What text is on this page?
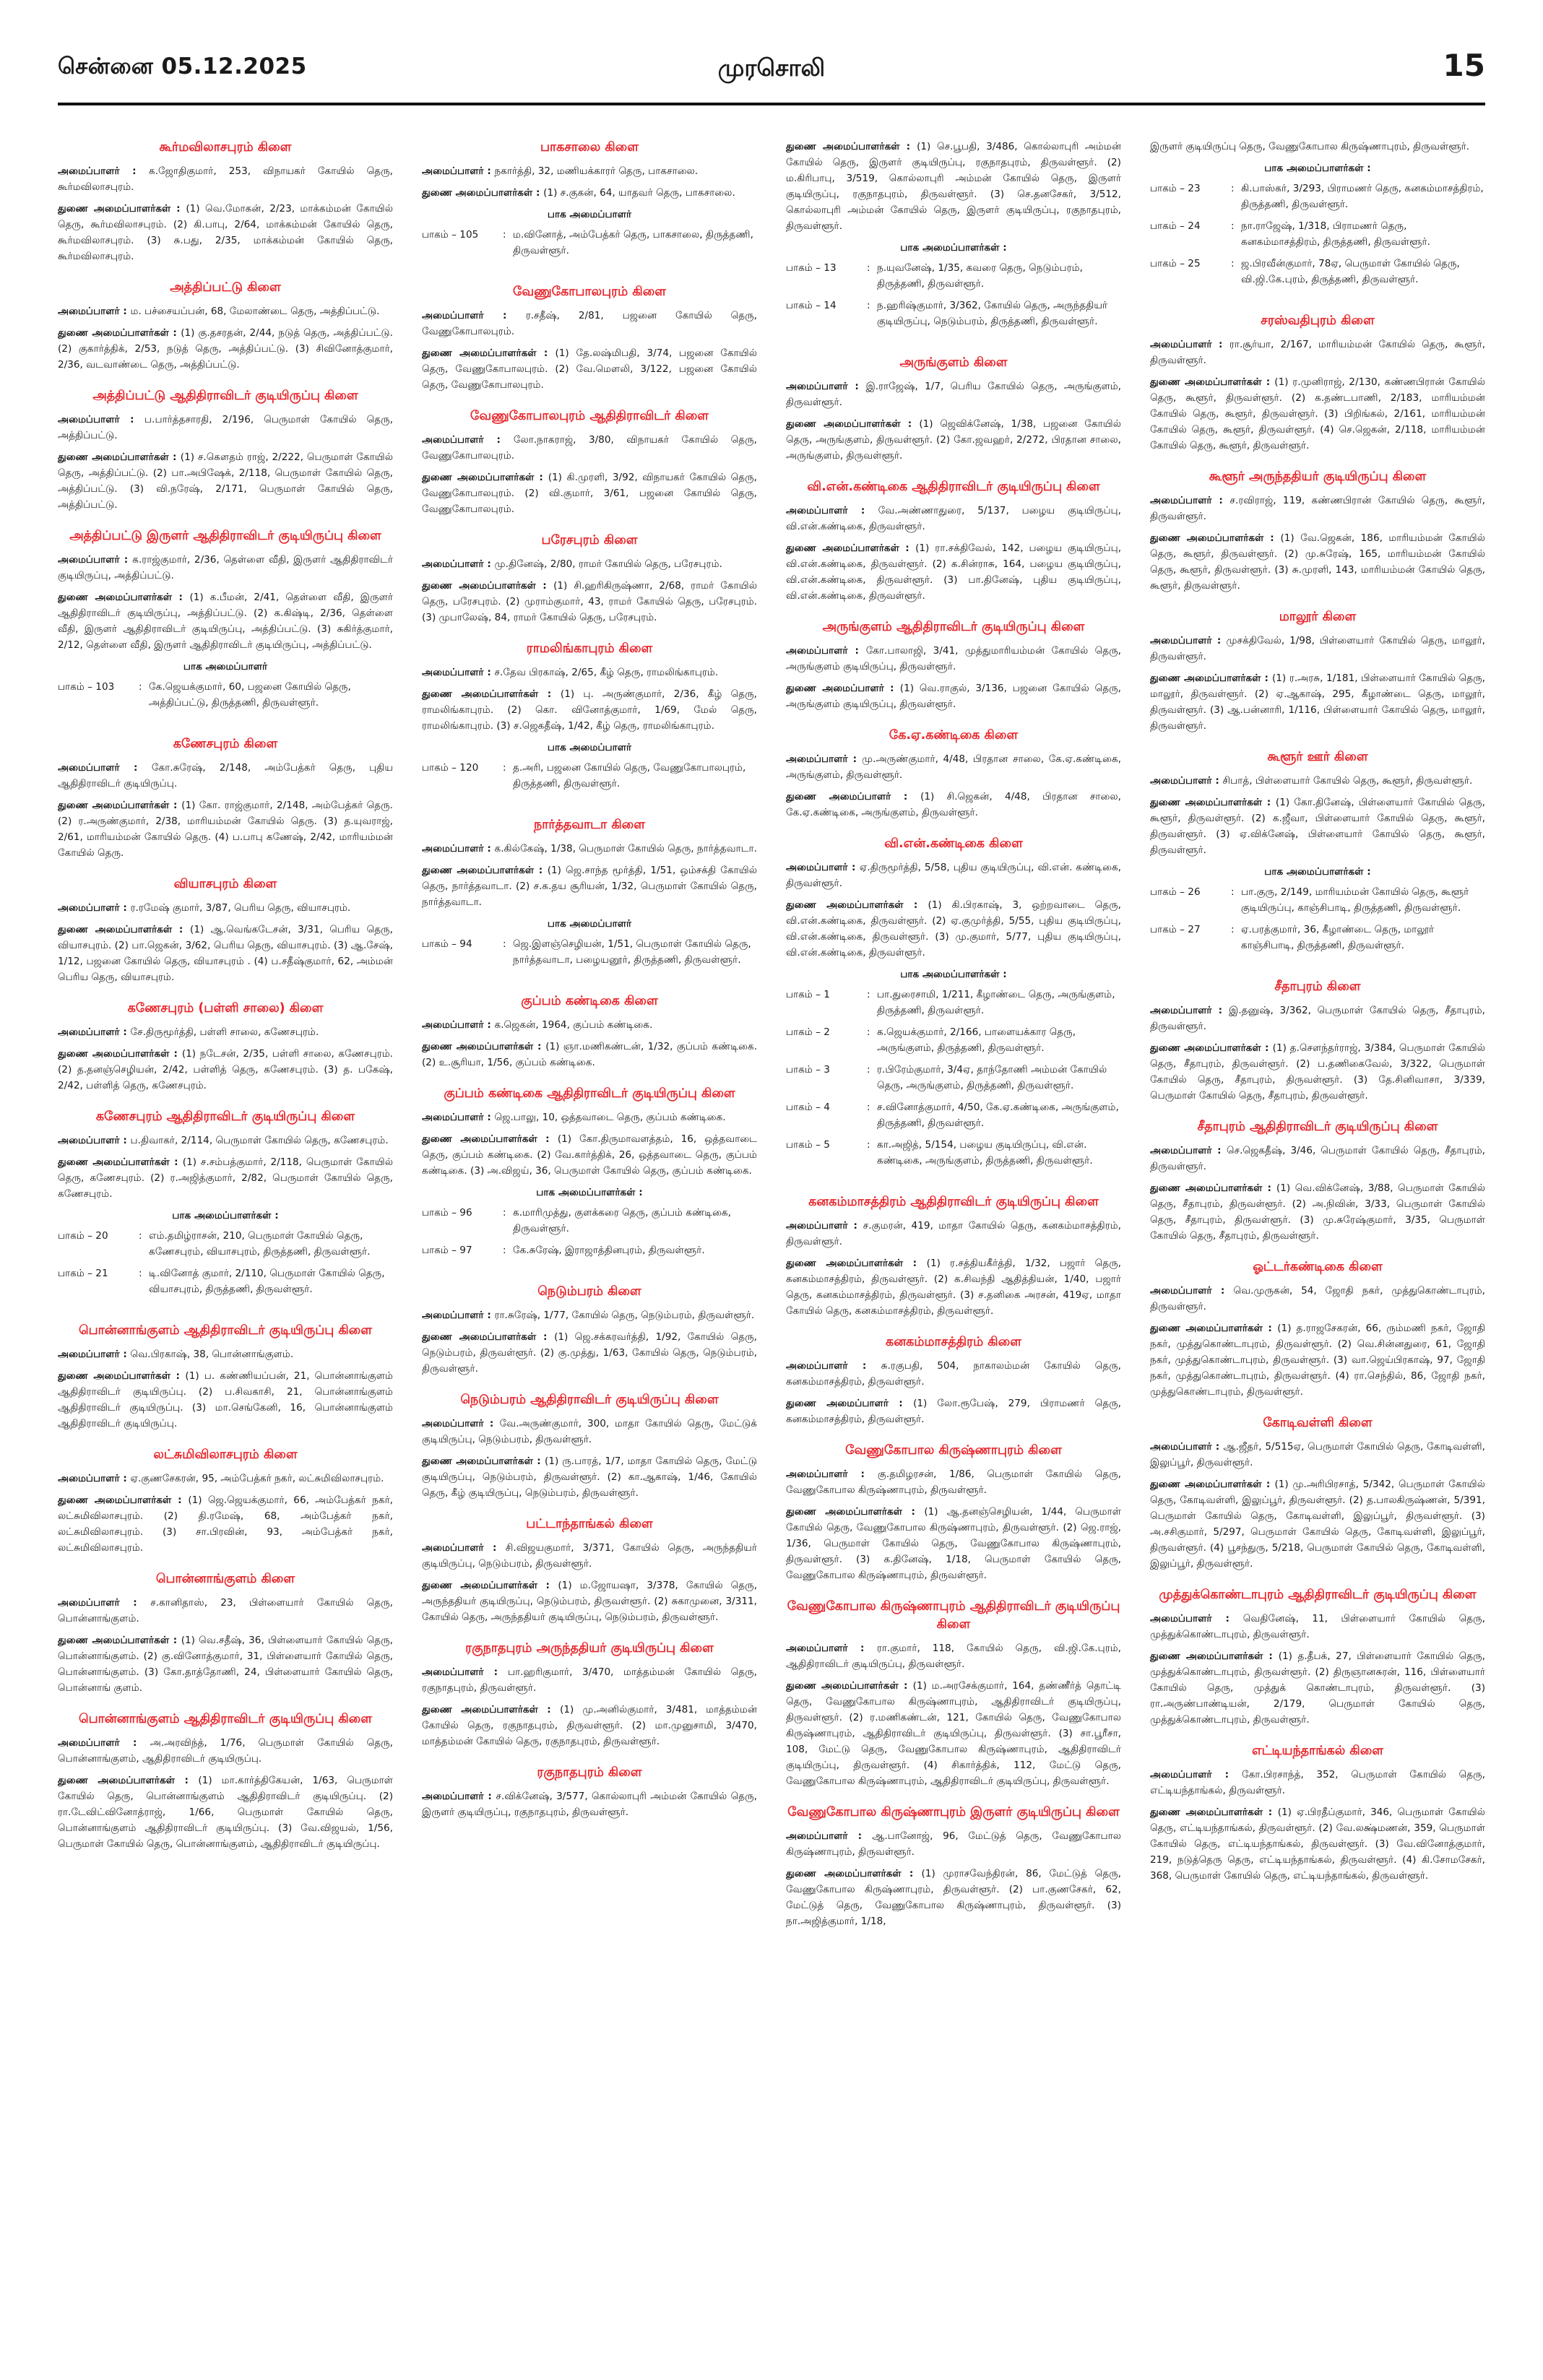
சென்னை 05.12.2025	முரசொலி	15
கூர்மவிலாசபுரம் கிளை
அமைப்பாளர் : க.ஜோதிகுமார், 253, விநாயகர் கோயில் தெரு, கூர்மவிலாசபுரம்.
துணை அமைப்பாளர்கள் : (1) வெ.மோகன், 2/23, மாக்கம்மன் கோயில் தெரு, கூர்மவிலாசபுரம். (2) கி.பாபு, 2/64, மாக்கம்மன் கோயில் தெரு, கூர்மவிலாசபுரம். (3) சு.பது, 2/35, மாக்கம்மன் கோயில் தெரு, கூர்மவிலாசபுரம்.
அத்திப்பட்டு கிளை
அமைப்பாளர் : ம. பச்சையப்பன், 68, மேலாண்டை தெரு, அத்திப்பட்டு.
துணை அமைப்பாளர்கள் : (1) கு.தசரதன், 2/44, நடுத் தெரு, அத்திப்பட்டு. (2) குகார்த்திக், 2/53, நடுத் தெரு, அத்திப்பட்டு. (3) சிவினோத்குமார், 2/36, வடவாண்டை தெரு, அத்திப்பட்டு.
அத்திப்பட்டு ஆதிதிராவிடர் குடியிருப்பு கிளை
அமைப்பாளர் : ப.பார்த்தசாரதி, 2/196, பெருமாள் கோயில் தெரு, அத்திப்பட்டு.
துணை அமைப்பாளர்கள் : (1) ச.கௌதம் ராஜ், 2/222, பெருமாள் கோயில் தெரு, அத்திப்பட்டு. (2) பா.அபிஷேக், 2/118, பெருமாள் கோயில் தெரு, அத்திப்பட்டு. (3) வி.நரேஷ், 2/171, பெருமாள் கோயில் தெரு, அத்திப்பட்டு.
அத்திப்பட்டு இருளர் ஆதிதிராவிடர் குடியிருப்பு கிளை
அமைப்பாளர் : க.ராஜ்குமார், 2/36, தெள்ளை வீதி, இருளர் ஆதிதிராவிடர் குடியிருப்பு, அத்திப்பட்டு.
துணை அமைப்பாளர்கள் : (1) க.பீமன், 2/41, தெள்ளை வீதி, இருளர் ஆதிதிராவிடர் குடியிருப்பு, அத்திப்பட்டு. (2) க.கிஷ்டி, 2/36, தெள்ளை வீதி, இருளர் ஆதிதிராவிடர் குடியிருப்பு, அத்திப்பட்டு. (3) சுகிர்த்குமார், 2/12, தெள்ளை வீதி, இருளர் ஆதிதிராவிடர் குடியிருப்பு, அத்திப்பட்டு.
பாக அமைப்பாளர்
பாகம் – 103	: கே.ஜெயக்குமார், 60, பஜனை கோயில் தெரு, அத்திப்பட்டு, திருத்தணி, திருவள்ளூர்.
கணேசபுரம் கிளை
அமைப்பாளர் : கோ.சுரேஷ், 2/148, அம்பேத்கர் தெரு, புதிய ஆதிதிராவிடர் குடியிருப்பு.
துணை அமைப்பாளர்கள் : (1) கோ. ராஜ்குமார், 2/148, அம்பேத்கர் தெரு. (2) ர.அருண்குமார், 2/38, மாரியம்மன் கோயில் தெரு. (3) த.யுவராஜ், 2/61, மாரியம்மன் கோயில் தெரு. (4) ப.பாபு கணேஷ், 2/42, மாரியம்மன் கோயில் தெரு.
வியாசபுரம் கிளை
அமைப்பாளர் : ர.ரமேஷ் குமார், 3/87, பெரிய தெரு, வியாசபுரம்.
துணை அமைப்பாளர்கள் : (1) ஆ.வெங்கடேசன், 3/31, பெரிய தெரு, வியாசபுரம். (2) பா.ஜெகன், 3/62, பெரிய தெரு, வியாசபுரம். (3) ஆ.சேஷ், 1/12, பஜனை கோயில் தெரு, வியாசபுரம் . (4) ப.சதீஷ்குமார், 62, அம்மன் பெரிய தெரு, வியாசபுரம்.
கணேசபுரம் (பள்ளி சாலை) கிளை
அமைப்பாளர் : சே.திருமூர்த்தி, பள்ளி சாலை, கணேசபுரம்.
துணை அமைப்பாளர்கள் : (1) நடேசன், 2/35, பள்ளி சாலை, கணேசபுரம். (2) த.தனஞ்செழியன், 2/42, பள்ளித் தெரு, கணேசபுரம். (3) த. பகேஷ், 2/42, பள்ளித் தெரு, கணேசபுரம்.
கணேசபுரம் ஆதிதிராவிடர் குடியிருப்பு கிளை
அமைப்பாளர் : ப.திவாகர், 2/114, பெருமாள் கோயில் தெரு, கணேசபுரம்.
துணை அமைப்பாளர்கள் : (1) ச.சம்பத்குமார், 2/118, பெருமாள் கோயில் தெரு, கணேசபுரம். (2) ர.அஜித்குமார், 2/82, பெருமாள் கோயில் தெரு, கணேசபுரம்.
பாக அமைப்பாளர்கள் :
பாகம் – 20	: எம்.தமிழ்ராசன், 210, பெருமாள் கோயில் தெரு, கணேசபுரம், வியாசபுரம், திருத்தணி, திருவள்ளூர்.
பாகம் – 21	: டி.வினோத் குமார், 2/110, பெருமாள் கோயில் தெரு, வியாசபுரம், திருத்தணி, திருவள்ளூர்.
பொன்னாங்குளம் ஆதிதிராவிடர் குடியிருப்பு கிளை
அமைப்பாளர் : வெ.பிரகாஷ், 38, பொன்னாங்குளம்.
துணை அமைப்பாளர்கள் : (1) ப. கண்ணியப்பன், 21, பொன்னாங்குளம் ஆதிதிராவிடர் குடியிருப்பு. (2) ப.சிவகாசி, 21, பொன்னாங்குளம் ஆதிதிராவிடர் குடியிருப்பு. (3) மா.செங்கேனி, 16, பொன்னாங்குளம் ஆதிதிராவிடர் குடியிருப்பு.
லட்சுமிவிலாசபுரம் கிளை
அமைப்பாளர் : ஏ.குணசேகரன், 95, அம்பேத்கர் நகர், லட்சுமிவிலாசபுரம்.
துணை அமைப்பாளர்கள் : (1) ஜெ.ஜெயக்குமார், 66, அம்பேத்கர் நகர், லட்சுமிவிலாசபுரம். (2) தி.ரமேஷ், 68, அம்பேத்கர் நகர், லட்சுமிவிலாசபுரம். (3) சா.பிரவின், 93, அம்பேத்கர் நகர், லட்சுமிவிலாசபுரம்.
பொன்னாங்குளம் கிளை
அமைப்பாளர் : ச.கானிதாஸ், 23, பிள்ளையார் கோயில் தெரு, பொன்னாங்குளம்.
துணை அமைப்பாளர்கள் : (1) வெ.சதீஷ், 36, பிள்ளையார் கோயில் தெரு, பொன்னாங்குளம். (2) கு.வினோத்குமார், 31, பிள்ளையார் கோயில் தெரு, பொன்னாங்குளம். (3) கோ.தாத்தோணி, 24, பிள்ளையார் கோயில் தெரு, பொன்னாங் குளம்.
பொன்னாங்குளம் ஆதிதிராவிடர் குடியிருப்பு கிளை
அமைப்பாளர் : அ.அரவிந்த், 1/76, பெருமாள் கோயில் தெரு, பொன்னாங்குளம், ஆதிதிராவிடர் குடியிருப்பு.
துணை அமைப்பாளர்கள் : (1) மா.கார்த்திகேயன், 1/63, பெருமாள் கோயில் தெரு, பொன்னாங்குளம் ஆதிதிராவிடர் குடியிருப்பு. (2) ரா.டேவிட்வினோத்ராஜ், 1/66, பெருமாள் கோயில் தெரு, பொன்னாங்குளம் ஆதிதிராவிடர் குடியிருப்பு. (3) வே.விஜயல், 1/56, பெருமாள் கோயில் தெரு, பொன்னாங்குளம், ஆதிதிராவிடர் குடியிருப்பு.
பாகசாலை கிளை
அமைப்பாளர் : நகார்த்தி, 32, மணியக்காரர் தெரு, பாகசாலை.
துணை அமைப்பாளர்கள் : (1) ச.குகன், 64, யாதவர் தெரு, பாகசாலை.
பாக அமைப்பாளர்
பாகம் – 105	: ம.வினோத், அம்பேத்கர் தெரு, பாகசாலை, திருத்தணி, திருவள்ளூர்.
வேணுகோபாலபுரம் கிளை
அமைப்பாளர் : ர.சதீஷ், 2/81, பஜனை கோயில் தெரு, வேணுகோபாலபுரம்.
துணை அமைப்பாளர்கள் : (1) தே.லஷ்மிபதி, 3/74, பஜனை கோயில் தெரு, வேணுகோபாலபுரம். (2) வே.மௌலி, 3/122, பஜனை கோயில் தெரு, வேணுகோபாலபுரம்.
வேணுகோபாலபுரம் ஆதிதிராவிடர் கிளை
அமைப்பாளர் : லோ.நாகராஜ், 3/80, விநாயகர் கோயில் தெரு, வேணுகோபாலபுரம்.
துணை அமைப்பாளர்கள் : (1) கி.முரளி, 3/92, விநாயகர் கோயில் தெரு, வேணுகோபாலபுரம். (2) வி.குமார், 3/61, பஜனை கோயில் தெரு, வேணுகோபாலபுரம்.
பரேசபுரம் கிளை
அமைப்பாளர் : மு.தினேஷ், 2/80, ராமர் கோயில் தெரு, பரேசபுரம்.
துணை அமைப்பாளர்கள் : (1) சி.ஹரிகிருஷ்ணா, 2/68, ராமர் கோயில் தெரு, பரேசபுரம். (2) முராம்குமார், 43, ராமர் கோயில் தெரு, பரேசபுரம். (3) முபாலேஷ், 84, ராமர் கோயில் தெரு, பரேசபுரம்.
ராமலிங்காபுரம் கிளை
அமைப்பாளர் : ச.தேவ பிரகாஷ், 2/65, கீழ் தெரு, ராமலிங்காபுரம்.
துணை அமைப்பாளர்கள் : (1) பு. அருண்குமார், 2/36, கீழ் தெரு, ராமலிங்காபுரம். (2) கொ. வினோத்குமார், 1/69, மேல் தெரு, ராமலிங்காபுரம். (3) ச.ஜெகதீஷ், 1/42, கீழ் தெரு, ராமலிங்காபுரம்.
பாக அமைப்பாளர்
பாகம் – 120	: த.அரி, பஜனை கோயில் தெரு, வேணுகோபாலபுரம், திருத்தணி, திருவள்ளூர்.
நார்த்தவாடா கிளை
அமைப்பாளர் : க.கில்கேஷ், 1/38, பெருமாள் கோயில் தெரு, நார்த்தவாடா.
துணை அமைப்பாளர்கள் : (1) ஜெ.சாந்த மூர்த்தி, 1/51, ஒம்சக்தி கோயில் தெரு, நார்த்தவாடா. (2) ச.க.தய சூரியன், 1/32, பெருமாள் கோயில் தெரு, நார்த்தவாடா.
பாக அமைப்பாளர்
பாகம் – 94	: ஜெ.இளஞ்செழியன், 1/51, பெருமாள் கோயில் தெரு, நார்த்தவாடா, பழையனூர், திருத்தணி, திருவள்ளூர்.
குப்பம் கண்டிகை கிளை
அமைப்பாளர் : க.ஜெகன், 1964, குப்பம் கண்டிகை.
துணை அமைப்பாளர்கள் : (1) ஞா.மணிகண்டன், 1/32, குப்பம் கண்டிகை. (2) உ.சூரியா, 1/56, குப்பம் கண்டிகை.
குப்பம் கண்டிகை ஆதிதிராவிடர் குடியிருப்பு கிளை
அமைப்பாளர் : ஜெ.பாலு, 10, ஒத்தவாடை தெரு, குப்பம் கண்டிகை.
துணை அமைப்பாளர்கள் : (1) கோ.திருமாவளத்தம், 16, ஒத்தவாடை தெரு, குப்பம் கண்டிகை. (2) வே.கார்த்திக், 26, ஒத்தவாடை தெரு, குப்பம் கண்டிகை. (3) அ.விஜய், 36, பெருமாள் கோயில் தெரு, குப்பம் கண்டிகை.
பாக அமைப்பாளர்கள் :
பாகம் – 96	: க.மாரிமுத்து, குளக்கரை தெரு, குப்பம் கண்டிகை, திருவள்ளூர்.
பாகம் – 97	: கே.சுரேஷ், இராஜாத்தினபுரம், திருவள்ளூர்.
நெடும்பரம் கிளை
அமைப்பாளர் : ரா.சுரேஷ், 1/77, கோயில் தெரு, நெடும்பரம், திருவள்ளூர்.
துணை அமைப்பாளர்கள் : (1) ஜெ.சக்கரவர்த்தி, 1/92, கோயில் தெரு, நெடும்பரம், திருவள்ளூர். (2) கு.முத்து, 1/63, கோயில் தெரு, நெடும்பரம், திருவள்ளூர்.
நெடும்பரம் ஆதிதிராவிடர் குடியிருப்பு கிளை
அமைப்பாளர் : வே.அருண்குமார், 300, மாதா கோயில் தெரு, மேட்டுக் குடியிருப்பு, நெடும்பரம், திருவள்ளூர்.
துணை அமைப்பாளர்கள் : (1) ரு.பாரத், 1/7, மாதா கோயில் தெரு, மேட்டு குடியிருப்பு, நெடும்பரம், திருவள்ளூர். (2) கா.ஆகாஷ், 1/46, கோயில் தெரு, கீழ் குடியிருப்பு, நெடும்பரம், திருவள்ளூர்.
பட்டாந்தாங்கல் கிளை
அமைப்பாளர் : சி.விஜயகுமார், 3/371, கோயில் தெரு, அருந்ததியர் குடியிருப்பு, நெடும்பரம், திருவள்ளூர்.
துணை அமைப்பாளர்கள் : (1) ம.ஜோயஷா, 3/378, கோயில் தெரு, அருந்ததியர் குடியிருப்பு, நெடும்பரம், திருவள்ளூர். (2) சுகாமுனை, 3/311, கோயில் தெரு, அருந்ததியர் குடியிருப்பு, நெடும்பரம், திருவள்ளூர்.
ரகுநாதபுரம் அருந்ததியர் குடியிருப்பு கிளை
அமைப்பாளர் : பா.ஹரிகுமார், 3/470, மாத்தம்மன் கோயில் தெரு, ரகுநாதபுரம், திருவள்ளூர்.
துணை அமைப்பாளர்கள் : (1) மு.அனில்குமார், 3/481, மாத்தம்மன் கோயில் தெரு, ரகுநாதபுரம், திருவள்ளூர். (2) மா.முனுசாமி, 3/470, மாத்தம்மன் கோயில் தெரு, ரகுநாதபுரம், திருவள்ளூர்.
ரகுநாதபுரம் கிளை
அமைப்பாளர் : ச.விக்னேஷ், 3/577, கொல்லாபுரி அம்மன் கோயில் தெரு, இருளர் குடியிருப்பு, ரகுநாதபுரம், திருவள்ளூர்.
துணை அமைப்பாளர்கள் : (1) செ.பூபதி, 3/486, கொல்லாபுரி அம்மன் கோயில் தெரு, இருளர் குடியிருப்பு, ரகுநாதபுரம், திருவள்ளூர். (2) ம.கிரிபாபு, 3/519, கொல்லாபுரி அம்மன் கோயில் தெரு, இருளர் குடியிருப்பு, ரகுநாதபுரம், திருவள்ளூர். (3) செ.தனசேகர், 3/512, கொல்லாபுரி அம்மன் கோயில் தெரு, இருளர் குடியிருப்பு, ரகுநாதபுரம், திருவள்ளூர்.
பாக அமைப்பாளர்கள் :
பாகம் – 13	: ந.யுவனேஷ், 1/35, கவரை தெரு, நெடும்பரம், திருத்தணி, திருவள்ளூர்.
பாகம் – 14	: ந.ஹரிஷ்குமார், 3/362, கோயில் தெரு, அருந்ததியர் குடியிருப்பு, நெடும்பரம், திருத்தணி, திருவள்ளூர்.
அருங்குளம் கிளை
அமைப்பாளர் : இ.ராஜேஷ், 1/7, பெரிய கோயில் தெரு, அருங்குளம், திருவள்ளூர்.
துணை அமைப்பாளர்கள் : (1) ஜெவிக்னேஷ், 1/38, பஜனை கோயில் தெரு, அருங்குளம், திருவள்ளூர். (2) கோ.ஜவஹர், 2/272, பிரதான சாலை, அருங்குளம், திருவள்ளூர்.
வி.என்.கண்டிகை ஆதிதிராவிடர் குடியிருப்பு கிளை
அமைப்பாளர் : வே.அண்ணாதுரை, 5/137, பழைய குடியிருப்பு, வி.என்.கண்டிகை, திருவள்ளூர்.
துணை அமைப்பாளர்கள் : (1) ரா.சக்திவேல், 142, பழைய குடியிருப்பு, வி.என்.கண்டிகை, திருவள்ளூர். (2) க.சின்ராசு, 164, பழைய குடியிருப்பு, வி.என்.கண்டிகை, திருவள்ளூர். (3) பா.தினேஷ், புதிய குடியிருப்பு, வி.என்.கண்டிகை, திருவள்ளூர்.
அருங்குளம் ஆதிதிராவிடர் குடியிருப்பு கிளை
அமைப்பாளர் : கோ.பாலாஜி, 3/41, முத்துமாரியம்மன் கோயில் தெரு, அருங்குளம் குடியிருப்பு, திருவள்ளூர்.
துணை அமைப்பாளர் : (1) வெ.ராகுல், 3/136, பஜனை கோயில் தெரு, அருங்குளம் குடியிருப்பு, திருவள்ளூர்.
கே.ஏ.கண்டிகை கிளை
அமைப்பாளர் : மு.அருண்குமார், 4/48, பிரதான சாலை, கே.ஏ.கண்டிகை, அருங்குளம், திருவள்ளூர்.
துணை அமைப்பாளர் : (1) சி.ஜெகன், 4/48, பிரதான சாலை, கே.ஏ.கண்டிகை, அருங்குளம், திருவள்ளூர்.
வி.என்.கண்டிகை கிளை
அமைப்பாளர் : ஏ.திருமூர்த்தி, 5/58, புதிய குடியிருப்பு, வி.என். கண்டிகை, திருவள்ளூர்.
துணை அமைப்பாளர்கள் : (1) கி.பிரகாஷ், 3, ஒற்றவாடை தெரு, வி.என்.கண்டிகை, திருவள்ளூர். (2) ஏ.குமுர்த்தி, 5/55, புதிய குடியிருப்பு, வி.என்.கண்டிகை, திருவள்ளூர். (3) மு.குமார், 5/77, புதிய குடியிருப்பு, வி.என்.கண்டிகை, திருவள்ளூர்.
பாக அமைப்பாளர்கள் :
பாகம் – 1	: பா.துரைசாமி, 1/211, கீழாண்டை தெரு, அருங்குளம், திருத்தணி, திருவள்ளூர்.
பாகம் – 2	: க.ஜெயக்குமார், 2/166, பாளையக்கார தெரு, அருங்குளம், திருத்தணி, திருவள்ளூர்.
பாகம் – 3	: ர.பிரேம்குமார், 3/4ஏ, தாந்தோணி அம்மன் கோயில் தெரு, அருங்குளம், திருத்தணி, திருவள்ளூர்.
பாகம் – 4	: ச.வினோத்குமார், 4/50, கே.ஏ.கண்டிகை, அருங்குளம், திருத்தணி, திருவள்ளூர்.
பாகம் – 5	: கா.அஜித், 5/154, பழைய குடியிருப்பு, வி.என். கண்டிகை, அருங்குளம், திருத்தணி, திருவள்ளூர்.
கனகம்மாசத்திரம் ஆதிதிராவிடர் குடியிருப்பு கிளை
அமைப்பாளர் : ச.குமரன், 419, மாதா கோயில் தெரு, கனகம்மாசத்திரம், திருவள்ளூர்.
துணை அமைப்பாளர்கள் : (1) ர.சத்தியகீர்த்தி, 1/32, பஜார் தெரு, கனகம்மாசத்திரம், திருவள்ளூர். (2) க.சிவந்தி ஆதித்தியன், 1/40, பஜார் தெரு, கனகம்மாசத்திரம், திருவள்ளூர். (3) ச.தனிகை அரசன், 419ஏ, மாதா கோயில் தெரு, கனகம்மாசத்திரம், திருவள்ளூர்.
கனகம்மாசத்திரம் கிளை
அமைப்பாளர் : சு.ரகுபதி, 504, நாகாலம்மன் கோயில் தெரு, கனகம்மாசத்திரம், திருவள்ளூர்.
துணை அமைப்பாளர் : (1) லோ.ரூபேஷ், 279, பிராமணர் தெரு, கனகம்மாசத்திரம், திருவள்ளூர்.
வேணுகோபால கிருஷ்ணாபுரம் கிளை
அமைப்பாளர் : கு.தமிழரசன், 1/86, பெருமாள் கோயில் தெரு, வேணுகோபால கிருஷ்ணாபுரம், திருவள்ளூர்.
துணை அமைப்பாளர்கள் : (1) ஆ.தனஞ்செழியன், 1/44, பெருமாள் கோயில் தெரு, வேணுகோபால கிருஷ்ணாபுரம், திருவள்ளூர். (2) ஜெ.ராஜ், 1/36, பெருமாள் கோயில் தெரு, வேணுகோபால கிருஷ்ணாபுரம், திருவள்ளூர். (3) க.தினேஷ், 1/18, பெருமாள் கோயில் தெரு, வேணுகோபால கிருஷ்ணாபுரம், திருவள்ளூர்.
வேணுகோபால கிருஷ்ணாபுரம் ஆதிதிராவிடர் குடியிருப்பு கிளை
அமைப்பாளர் : ரா.குமார், 118, கோயில் தெரு, வி.ஜி.கே.புரம், ஆதிதிராவிடர் குடியிருப்பு, திருவள்ளூர்.
துணை அமைப்பாளர்கள் : (1) ம.அரசேக்குமார், 164, தண்ணீர்த் தொட்டி தெரு, வேணுகோபால கிருஷ்ணாபுரம், ஆதிதிராவிடர் குடியிருப்பு, திருவள்ளூர். (2) ர.மணிகண்டன், 121, கோயில் தெரு, வேணுகோபால கிருஷ்ணாபுரம், ஆதிதிராவிடர் குடியிருப்பு, திருவள்ளூர். (3) சா.பூரீசா, 108, மேட்டு தெரு, வேணுகோபால கிருஷ்ணாபுரம், ஆதிதிராவிடர் குடியிருப்பு, திருவள்ளூர். (4) சிகார்த்திக், 112, மேட்டு தெரு, வேணுகோபால கிருஷ்ணாபுரம், ஆதிதிராவிடர் குடியிருப்பு, திருவள்ளூர்.
வேணுகோபால கிருஷ்ணாபுரம் இருளர் குடியிருப்பு கிளை
அமைப்பாளர் : ஆ.பானோஜ், 96, மேட்டுத் தெரு, வேணுகோபால கிருஷ்ணாபுரம், திருவள்ளூர்.
துணை அமைப்பாளர்கள் : (1) முராசவேந்திரன், 86, மேட்டுத் தெரு, வேணுகோபால கிருஷ்ணாபுரம், திருவள்ளூர். (2) பா.குணசேகர், 62, மேட்டுத் தெரு, வேணுகோபால கிருஷ்ணாபுரம், திருவள்ளூர். (3) நா.அஜித்குமார், 1/18,
இருளர் குடியிருப்பு தெரு, வேணுகோபால கிருஷ்ணாபுரம், திருவள்ளூர்.
பாக அமைப்பாளர்கள் :
பாகம் – 23	: கி.பாஸ்கர், 3/293, பிராமணர் தெரு, கனகம்மாசத்திரம், திருத்தணி, திருவள்ளூர்.
பாகம் – 24	: நா.ராஜேஷ், 1/318, பிராமணர் தெரு, கனகம்மாசத்திரம், திருத்தணி, திருவள்ளூர்.
பாகம் – 25	: ஜ.பிரவீன்குமார், 78ஏ, பெருமாள் கோயில் தெரு, வி.ஜி.கே.புரம், திருத்தணி, திருவள்ளூர்.
சரஸ்வதிபுரம் கிளை
அமைப்பாளர் : ரா.சூர்யா, 2/167, மாரியம்மன் கோயில் தெரு, கூளூர், திருவள்ளூர்.
துணை அமைப்பாளர்கள் : (1) ர.முனிராஜ், 2/130, கண்ணபிரான் கோயில் தெரு, கூளூர், திருவள்ளூர். (2) க.தண்டபாணி, 2/183, மாரியம்மன் கோயில் தெரு, கூளூர், திருவள்ளூர். (3) பிறிங்கல், 2/161, மாரியம்மன் கோயில் தெரு, கூளூர், திருவள்ளூர். (4) செ.ஜெகன், 2/118, மாரியம்மன் கோயில் தெரு, கூளூர், திருவள்ளூர்.
கூளூர் அருந்ததியர் குடியிருப்பு கிளை
அமைப்பாளர் : ச.ரவிராஜ், 119, கண்ணபிரான் கோயில் தெரு, கூளூர், திருவள்ளூர்.
துணை அமைப்பாளர்கள் : (1) வே.ஜெகன், 186, மாரியம்மன் கோயில் தெரு, கூளூர், திருவள்ளூர். (2) மு.சுரேஷ், 165, மாரியம்மன் கோயில் தெரு, கூளூர், திருவள்ளூர். (3) சு.முரளி, 143, மாரியம்மன் கோயில் தெரு, கூளூர், திருவள்ளூர்.
மாலூர் கிளை
அமைப்பாளர் : முசக்திவேல், 1/98, பிள்ளையார் கோயில் தெரு, மாலூர், திருவள்ளூர்.
துணை அமைப்பாளர்கள் : (1) ர.அரசு, 1/181, பிள்ளையார் கோயில் தெரு, மாலூர், திருவள்ளூர். (2) ஏ.ஆகாஷ், 295, கீழாண்டை தெரு, மாலூர், திருவள்ளூர். (3) ஆ.பன்னாரி, 1/116, பிள்ளையார் கோயில் தெரு, மாலூர், திருவள்ளூர்.
கூளூர் ஊர் கிளை
அமைப்பாளர் : சிபாத், பிள்ளையார் கோயில் தெரு, கூளூர், திருவள்ளூர்.
துணை அமைப்பாளர்கள் : (1) கோ.தினேஷ், பிள்ளையார் கோயில் தெரு, கூளூர், திருவள்ளூர். (2) க.ஜீவா, பிள்ளையார் கோயில் தெரு, கூளூர், திருவள்ளூர். (3) ஏ.விக்னேஷ், பிள்ளையார் கோயில் தெரு, கூளூர், திருவள்ளூர்.
பாக அமைப்பாளர்கள் :
பாகம் – 26	: பா.குரு, 2/149, மாரியம்மன் கோயில் தெரு, கூளூர் குடியிருப்பு, காஞ்சிபாடி, திருத்தணி, திருவள்ளூர்.
பாகம் – 27	: ஏ.பரத்குமார், 36, கீழாண்டை தெரு, மாலூர் காஞ்சிபாடி, திருத்தணி, திருவள்ளூர்.
சீதாபுரம் கிளை
அமைப்பாளர் : இ.தனுஷ், 3/362, பெருமாள் கோயில் தெரு, சீதாபுரம், திருவள்ளூர்.
துணை அமைப்பாளர்கள் : (1) த.சௌந்தர்ராஜ், 3/384, பெருமாள் கோயில் தெரு, சீதாபுரம், திருவள்ளூர். (2) ப.தணிகைவேல், 3/322, பெருமாள் கோயில் தெரு, சீதாபுரம், திருவள்ளூர். (3) தே.சினிவாசா, 3/339, பெருமாள் கோயில் தெரு, சீதாபுரம், திருவள்ளூர்.
சீதாபுரம் ஆதிதிராவிடர் குடியிருப்பு கிளை
அமைப்பாளர் : செ.ஜெகதீஷ், 3/46, பெருமாள் கோயில் தெரு, சீதாபுரம், திருவள்ளூர்.
துணை அமைப்பாளர்கள் : (1) வெ.விக்னேஷ், 3/88, பெருமாள் கோயில் தெரு, சீதாபுரம், திருவள்ளூர். (2) அ.நிவின், 3/33, பெருமாள் கோயில் தெரு, சீதாபுரம், திருவள்ளூர். (3) மு.சுரேஷ்குமார், 3/35, பெருமாள் கோயில் தெரு, சீதாபுரம், திருவள்ளூர்.
ஓட்டர்கண்டிகை கிளை
அமைப்பாளர் : வெ.முருகன், 54, ஜோதி நகர், முத்துகொண்டாபுரம், திருவள்ளூர்.
துணை அமைப்பாளர்கள் : (1) த.ராஜசேகரன், 66, ரும்மணி நகர், ஜோதி நகர், முத்துகொண்டாபுரம், திருவள்ளூர். (2) வெ.சின்னதுரை, 61, ஜோதி நகர், முத்துகொண்டாபுரம், திருவள்ளூர். (3) வா.ஜெய்பிரகாஷ், 97, ஜோதி நகர், முத்துகொண்டாபுரம், திருவள்ளூர். (4) ரா.செந்தில், 86, ஜோதி நகர், முத்துகொண்டாபுரம், திருவள்ளூர்.
கோடிவள்ளி கிளை
அமைப்பாளர் : ஆ.ஜீதர், 5/515ஏ, பெருமாள் கோயில் தெரு, கோடிவள்ளி, இலுப்பூர், திருவள்ளூர்.
துணை அமைப்பாளர்கள் : (1) மு.அரிபிரசாத், 5/342, பெருமாள் கோயில் தெரு, கோடிவள்ளி, இலுப்பூர், திருவள்ளூர். (2) த.பாலகிருஷ்ணன், 5/391, பெருமாள் கோயில் தெரு, கோடிவள்ளி, இலுப்பூர், திருவள்ளூர். (3) அ.சசிகுமார், 5/297, பெருமாள் கோயில் தெரு, கோடிவள்ளி, இலுப்பூர், திருவள்ளூர். (4) பூசந்துரு, 5/218, பெருமாள் கோயில் தெரு, கோடிவள்ளி, இலுப்பூர், திருவள்ளூர்.
முத்துக்கொண்டாபுரம் ஆதிதிராவிடர் குடியிருப்பு கிளை
அமைப்பாளர் : வெதினேஷ், 11, பிள்ளையார் கோயில் தெரு, முத்துக்கொண்டாபுரம், திருவள்ளூர்.
துணை அமைப்பாளர்கள் : (1) த.தீபக், 27, பிள்ளையார் கோயில் தெரு, முத்துக்கொண்டாபுரம், திருவள்ளூர். (2) திருஞானசுரன், 116, பிள்ளையார் கோயில் தெரு, முத்துக் கொண்டாபுரம், திருவள்ளூர். (3) ரா.அருண்பாண்டியன், 2/179, பெருமாள் கோயில் தெரு, முத்துக்கொண்டாபுரம், திருவள்ளூர்.
எட்டியந்தாங்கல் கிளை
அமைப்பாளர் : கோ.பிரசாந்த், 352, பெருமாள் கோயில் தெரு, எட்டியந்தாங்கல், திருவள்ளூர்.
துணை அமைப்பாளர்கள் : (1) ஏ.பிரதீப்குமார், 346, பெருமாள் கோயில் தெரு, எட்டியந்தாங்கல், திருவள்ளூர். (2) வே.லக்ஷ்மணன், 359, பெருமாள் கோயில் தெரு, எட்டியந்தாங்கல், திருவள்ளூர். (3) வே.வினோத்குமார், 219, நடுத்தெரு தெரு, எட்டியந்தாங்கல், திருவள்ளூர். (4) கி.சோமசேகர், 368, பெருமாள் கோயில் தெரு, எட்டியந்தாங்கல், திருவள்ளூர்.
